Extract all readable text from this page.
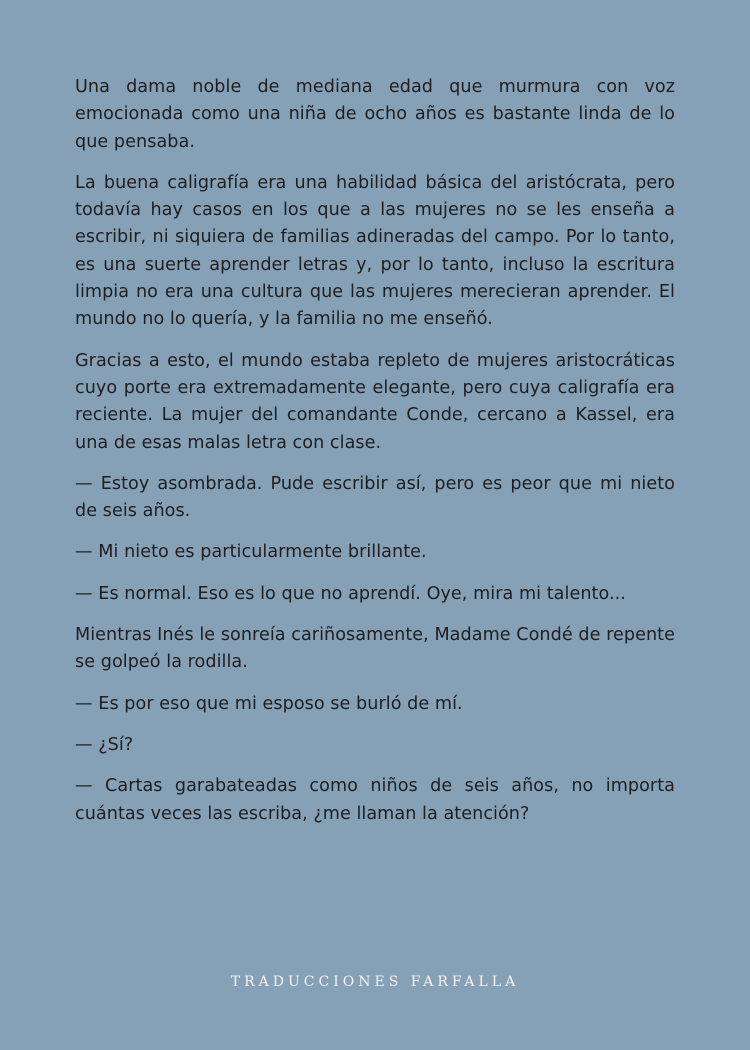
Una dama noble de mediana edad que murmura con voz emocionada como una niña de ocho años es bastante linda de lo que pensaba.

La buena caligrafía era una habilidad básica del aristócrata, pero todavía hay casos en los que a las mujeres no se les enseña a escribir, ni siquiera de familias adineradas del campo. Por lo tanto, es una suerte aprender letras y, por lo tanto, incluso la escritura limpia no era una cultura que las mujeres merecieran aprender. El mundo no lo quería, y la familia no me enseñó.

Gracias a esto, el mundo estaba repleto de mujeres aristocráticas cuyo porte era extremadamente elegante, pero cuya caligrafía era reciente. La mujer del comandante Conde, cercano a Kassel, era una de esas malas letra con clase.

— Estoy asombrada. Pude escribir así, pero es peor que mi nieto de seis años.

— Mi nieto es particularmente brillante.

— Es normal. Eso es lo que no aprendí. Oye, mira mi talento...

Mientras Inés le sonreía cariñosamente, Madame Condé de repente se golpeó la rodilla.

— Es por eso que mi esposo se burló de mí.

— ¿Sí?

— Cartas garabateadas como niños de seis años, no importa cuántas veces las escriba, ¿me llaman la atención?

TRADUCCIONES FARFALLA
